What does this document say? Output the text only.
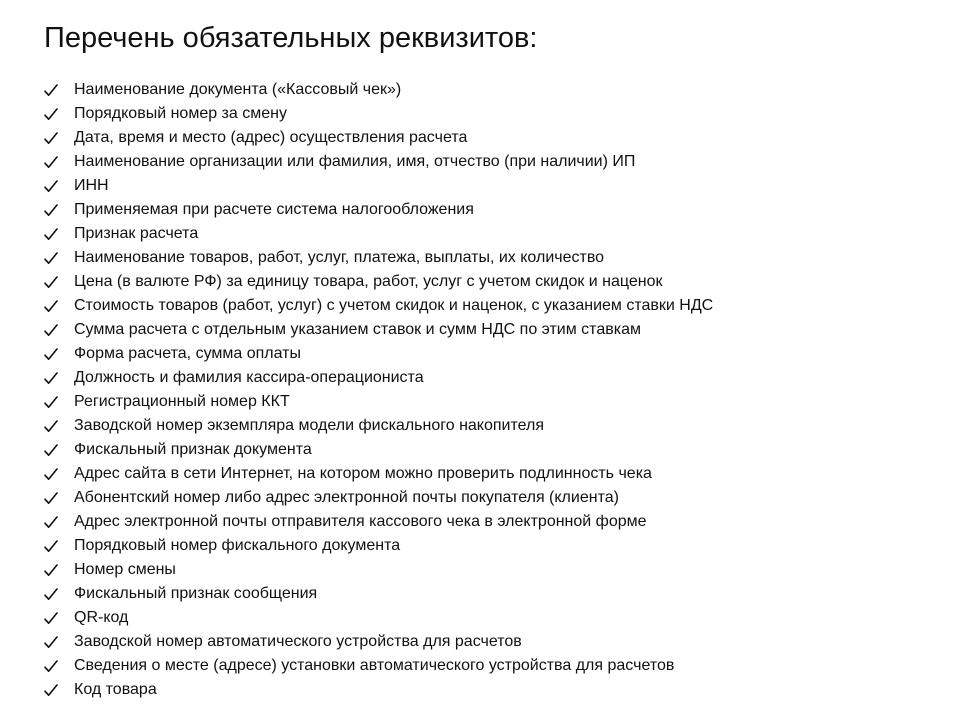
Перечень обязательных реквизитов:
Наименование документа («Кассовый чек»)
Порядковый номер за смену
Дата, время и место (адрес) осуществления расчета
Наименование организации или фамилия, имя, отчество (при наличии) ИП
ИНН
Применяемая при расчете система налогообложения
Признак расчета
Наименование товаров, работ, услуг, платежа, выплаты, их количество
Цена (в валюте РФ) за единицу товара, работ, услуг с учетом скидок и наценок
Стоимость товаров (работ, услуг) с учетом скидок и наценок, с указанием ставки НДС
Сумма расчета с отдельным указанием ставок и сумм НДС по этим ставкам
Форма расчета, сумма оплаты
Должность и фамилия кассира-операциониста
Регистрационный номер ККТ
Заводской номер экземпляра модели фискального накопителя
Фискальный признак документа
Адрес сайта в сети Интернет, на котором можно проверить подлинность чека
Абонентский номер либо адрес электронной почты покупателя (клиента)
Адрес электронной почты отправителя кассового чека в электронной форме
Порядковый номер фискального документа
Номер смены
Фискальный признак сообщения
QR-код
Заводской номер автоматического устройства для расчетов
Сведения о месте (адресе) установки автоматического устройства для расчетов
Код товара
